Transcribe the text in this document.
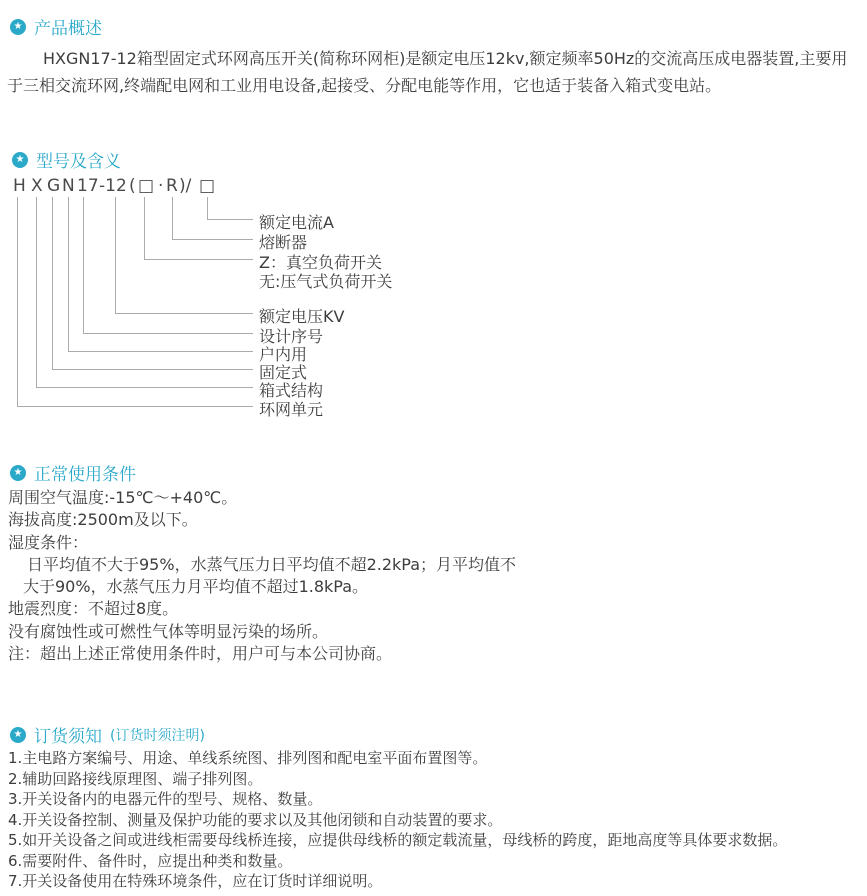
★ 产品概述
HXGN17-12箱型固定式环网高压开关(简称环网柜)是额定电压12kv,额定频率50Hz的交流高压成电器装置,主要用于三相交流环网,终端配电网和工业用电设备,起接受、分配电能等作用，它也适于装备入箱式变电站。
★ 型号及含义
H X G N 17 -12 ( □ · R )/ □
额定电流A
熔断器
Z：真空负荷开关
无:压气式负荷开关
额定电压KV
设计序号
户内用
固定式
箱式结构
环网单元
★ 正常使用条件
周围空气温度:-15℃～+40℃。
海拔高度:2500m及以下。
湿度条件：
日平均值不大于95%，水蒸气压力日平均值不超2.2kPa；月平均值不
大于90%，水蒸气压力月平均值不超过1.8kPa。
地震烈度：不超过8度。
没有腐蚀性或可燃性气体等明显污染的场所。
注：超出上述正常使用条件时，用户可与本公司协商。
★ 订货须知 (订货时须注明)
1.主电路方案编号、用途、单线系统图、排列图和配电室平面布置图等。
2.辅助回路接线原理图、端子排列图。
3.开关设备内的电器元件的型号、规格、数量。
4.开关设备控制、测量及保护功能的要求以及其他闭锁和自动装置的要求。
5.如开关设备之间或进线柜需要母线桥连接，应提供母线桥的额定载流量，母线桥的跨度，距地高度等具体要求数据。
6.需要附件、备件时，应提出种类和数量。
7.开关设备使用在特殊环境条件，应在订货时详细说明。
